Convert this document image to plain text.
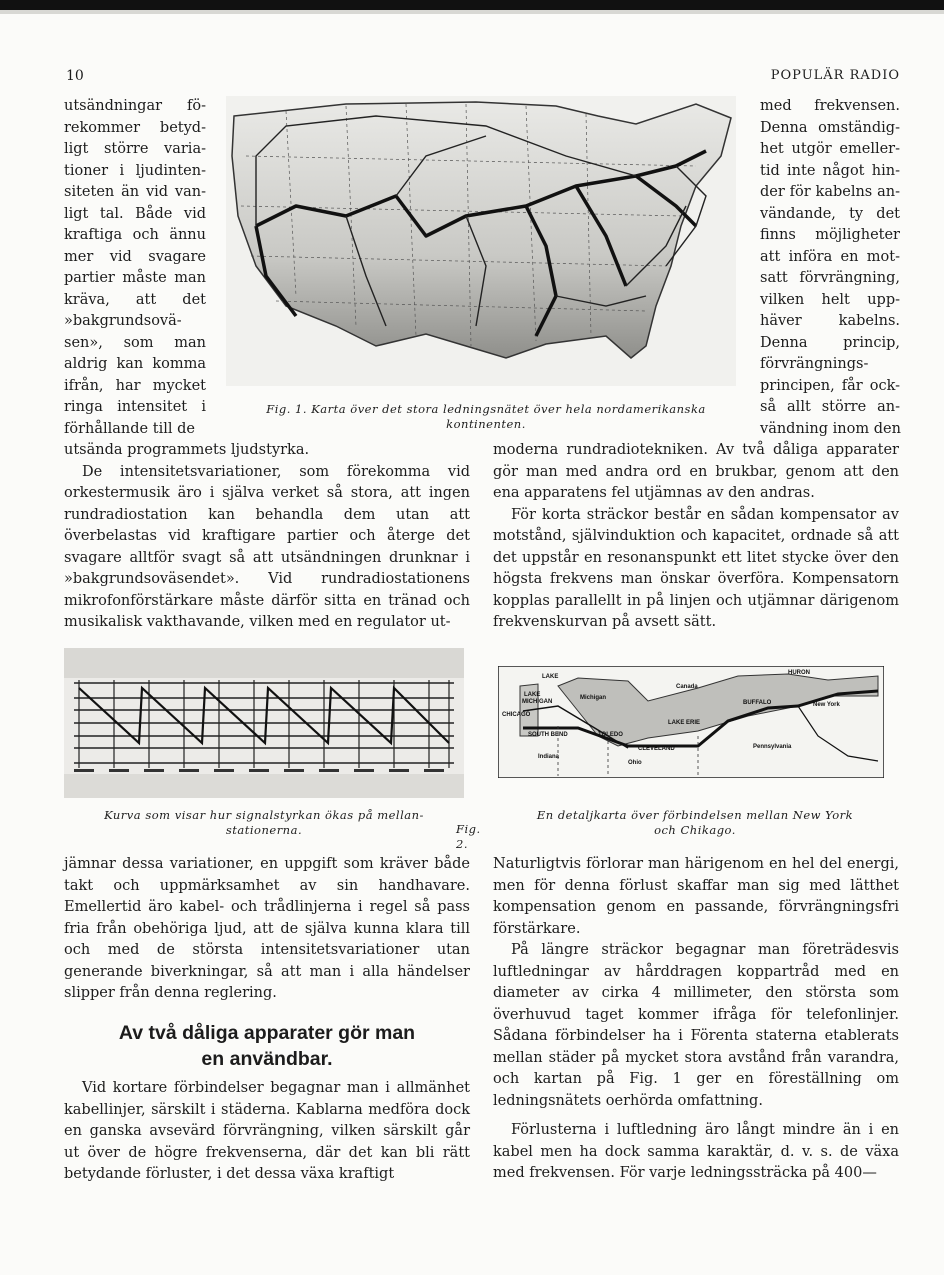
10	POPULÄR RADIO
utsändningar fö-
rekommer betyd-
ligt större varia-
tioner i ljudinten-
siteten än vid van-
ligt tal. Både vid
kraftiga och ännu
mer vid svagare
partier måste man
kräva, att det
»bakgrundsovä-
sen», som man
aldrig kan komma
ifrån, har mycket
ringa intensitet i
förhållande till de
Fig. 1. Karta över det stora ledningsnätet över hela nordamerikanska
kontinenten.
med frekvensen.
Denna omständig-
het utgör emeller-
tid inte något hin-
der för kabelns an-
vändande, ty det
finns möjligheter
att införa en mot-
satt förvrängning,
vilken helt upp-
häver kabelns.
Denna princip,
förvrängnings-
principen, får ock-
så allt större an-
vändning inom den

utsända programmets ljudstyrka.

De intensitetsvariationer, som förekomma vid orkestermusik äro i själva verket så stora, att ingen rundradiostation kan behandla dem utan att överbelastas vid kraftigare partier och återge det svagare alltför svagt så att utsändningen drunknar i »bakgrundsoväsendet». Vid rundradiostationens mikrofonförstärkare måste därför sitta en tränad och musikalisk vakthavande, vilken med en regulator ut-

moderna rundradiotekniken. Av två dåliga apparater gör man med andra ord en brukbar, genom att den ena apparatens fel utjämnas av den andras.

För korta sträckor består en sådan kompensator av motstånd, självinduktion och kapacitet, ordnade så att det uppstår en resonanspunkt ett litet stycke över den högsta frekvens man önskar överföra. Kompensatorn kopplas parallellt in på linjen och utjämnar därigenom frekvenskurvan på avsett sätt.

LAKE
HURON
LAKE
MICHIGAN
Michigan
Canada
CHICAGO
LAKE ERIE
BUFFALO	New York
SOUTH BEND	TOLEDO
Indiana
Ohio
CLEVELAND	Pennsylvania
Kurva som visar hur signalstyrkan ökas på mellan-
stationerna.	Fig. 2.
En detaljkarta över förbindelsen mellan New York
och Chikago.

jämnar dessa variationer, en uppgift som kräver både takt och uppmärksamhet av sin handhavare. Emellertid äro kabel- och trådlinjerna i regel så pass fria från obehöriga ljud, att de själva kunna klara till och med de största intensitetsvariationer utan generande biverkningar, så att man i alla händelser slipper från denna reglering.

Av två dåliga apparater gör man
en användbar.

Vid kortare förbindelser begagnar man i allmänhet kabellinjer, särskilt i städerna. Kablarna medföra dock en ganska avsevärd förvrängning, vilken särskilt går ut över de högre frekvenserna, där det kan bli rätt betydande förluster, i det dessa växa kraftigt

Naturligtvis förlorar man härigenom en hel del energi, men för denna förlust skaffar man sig med lätthet kompensation genom en passande, förvrängningsfri förstärkare.

På längre sträckor begagnar man företrädesvis luftledningar av hårddragen koppartråd med en diameter av cirka 4 millimeter, den största som överhuvud taget kommer ifråga för telefonlinjer. Sådana förbindelser ha i Förenta staterna etablerats mellan städer på mycket stora avstånd från varandra, och kartan på Fig. 1 ger en föreställning om ledningsnätets oerhörda omfattning.

Förlusterna i luftledning äro långt mindre än i en kabel men ha dock samma karaktär, d. v. s. de växa med frekvensen. För varje ledningssträcka på 400—
